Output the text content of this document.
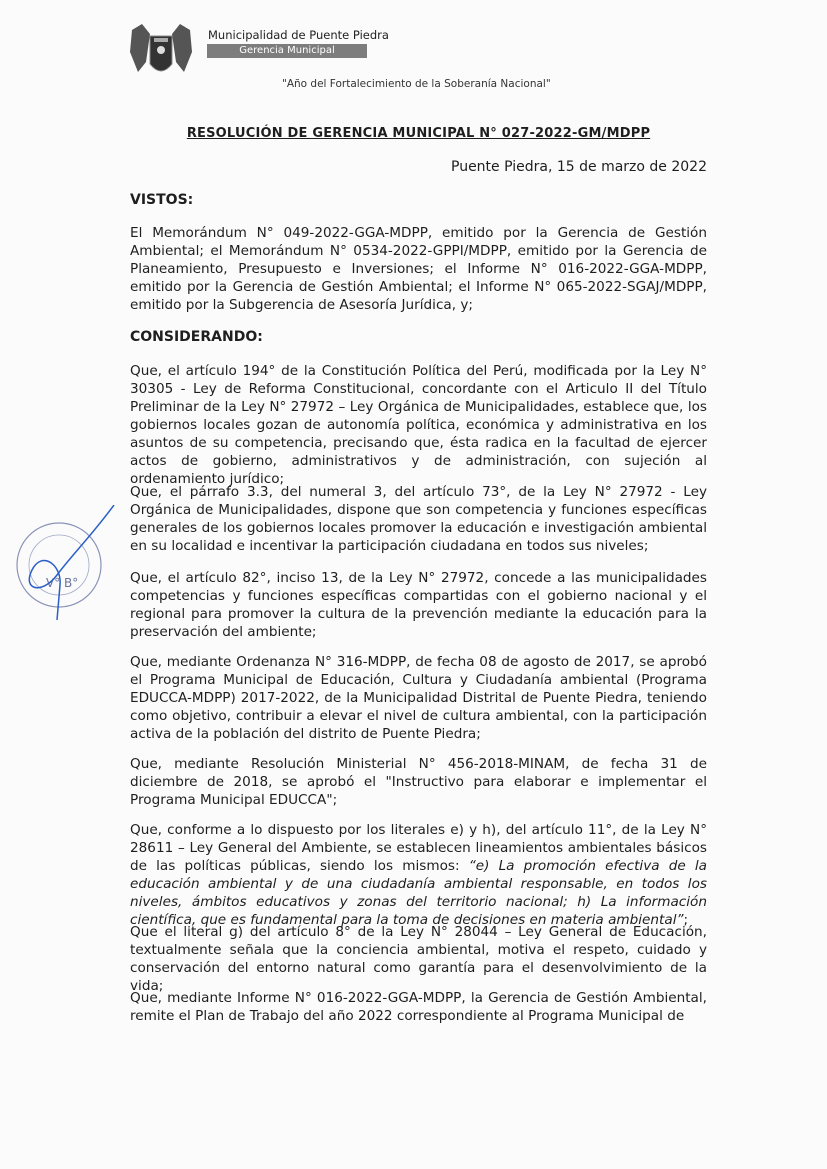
Municipalidad de Puente Piedra
Gerencia Municipal
"Año del Fortalecimiento de la Soberanía Nacional"
RESOLUCIÓN DE GERENCIA MUNICIPAL N° 027-2022-GM/MDPP
Puente Piedra, 15 de marzo de 2022
VISTOS:
El Memorándum N° 049-2022-GGA-MDPP, emitido por la Gerencia de Gestión Ambiental; el Memorándum N° 0534-2022-GPPI/MDPP, emitido por la Gerencia de Planeamiento, Presupuesto e Inversiones; el Informe N° 016-2022-GGA-MDPP, emitido por la Gerencia de Gestión Ambiental; el Informe N° 065-2022-SGAJ/MDPP, emitido por la Subgerencia de Asesoría Jurídica, y;
CONSIDERANDO:
Que, el artículo 194° de la Constitución Política del Perú, modificada por la Ley N° 30305 - Ley de Reforma Constitucional, concordante con el Articulo II del Título Preliminar de la Ley N° 27972 – Ley Orgánica de Municipalidades, establece que, los gobiernos locales gozan de autonomía política, económica y administrativa en los asuntos de su competencia, precisando que, ésta radica en la facultad de ejercer actos de gobierno, administrativos y de administración, con sujeción al ordenamiento jurídico;
Que, el párrafo 3.3, del numeral 3, del artículo 73°, de la Ley N° 27972 - Ley Orgánica de Municipalidades, dispone que son competencia y funciones específicas generales de los gobiernos locales promover la educación e investigación ambiental en su localidad e incentivar la participación ciudadana en todos sus niveles;
Que, el artículo 82°, inciso 13, de la Ley N° 27972, concede a las municipalidades competencias y funciones específicas compartidas con el gobierno nacional y el regional para promover la cultura de la prevención mediante la educación para la preservación del ambiente;
Que, mediante Ordenanza N° 316-MDPP, de fecha 08 de agosto de 2017, se aprobó el Programa Municipal de Educación, Cultura y Ciudadanía ambiental (Programa EDUCCA-MDPP) 2017-2022, de la Municipalidad Distrital de Puente Piedra, teniendo como objetivo, contribuir a elevar el nivel de cultura ambiental, con la participación activa de la población del distrito de Puente Piedra;
Que, mediante Resolución Ministerial N° 456-2018-MINAM, de fecha 31 de diciembre de 2018, se aprobó el "Instructivo para elaborar e implementar el Programa Municipal EDUCCA";
Que, conforme a lo dispuesto por los literales e) y h), del artículo 11°, de la Ley N° 28611 – Ley General del Ambiente, se establecen lineamientos ambientales básicos de las políticas públicas, siendo los mismos: “e) La promoción efectiva de la educación ambiental y de una ciudadanía ambiental responsable, en todos los niveles, ámbitos educativos y zonas del territorio nacional; h) La información científica, que es fundamental para la toma de decisiones en materia ambiental”;
Que el literal g) del artículo 8° de la Ley N° 28044 – Ley General de Educación, textualmente señala que la conciencia ambiental, motiva el respeto, cuidado y conservación del entorno natural como garantía para el desenvolvimiento de la vida;
Que, mediante Informe N° 016-2022-GGA-MDPP, la Gerencia de Gestión Ambiental, remite el Plan de Trabajo del año 2022 correspondiente al Programa Municipal de
V° B°
